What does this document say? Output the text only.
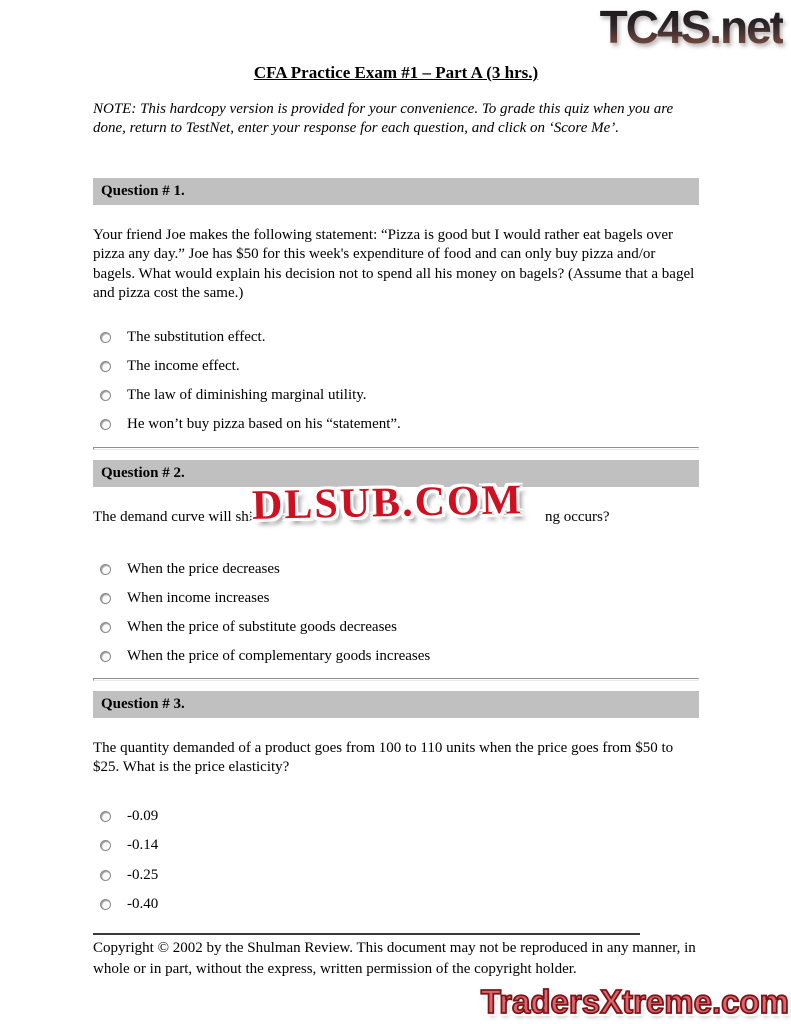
TC4S.net
CFA Practice Exam #1 – Part A (3 hrs.)

NOTE: This hardcopy version is provided for your convenience. To grade this quiz when you are done, return to TestNet, enter your response for each question, and click on ‘Score Me’.

Question # 1.

Your friend Joe makes the following statement: “Pizza is good but I would rather eat bagels over pizza any day.” Joe has $50 for this week's expenditure of food and can only buy pizza and/or bagels. What would explain his decision not to spend all his money on bagels? (Assume that a bagel and pizza cost the same.)

The substitution effect.
The income effect.
The law of diminishing marginal utility.
He won’t buy pizza based on his “statement”.
Question # 2.

The demand curve will shi	ng occurs?

When the price decreases
When income increases
When the price of substitute goods decreases
When the price of complementary goods increases
Question # 3.

The quantity demanded of a product goes from 100 to 110 units when the price goes from $50 to $25. What is the price elasticity?

-0.09
-0.14
-0.25
-0.40

Copyright © 2002 by the Shulman Review. This document may not be reproduced in any manner, in whole or in part, without the express, written permission of the copyright holder.

DLSUB.COM
TradersXtreme.com
